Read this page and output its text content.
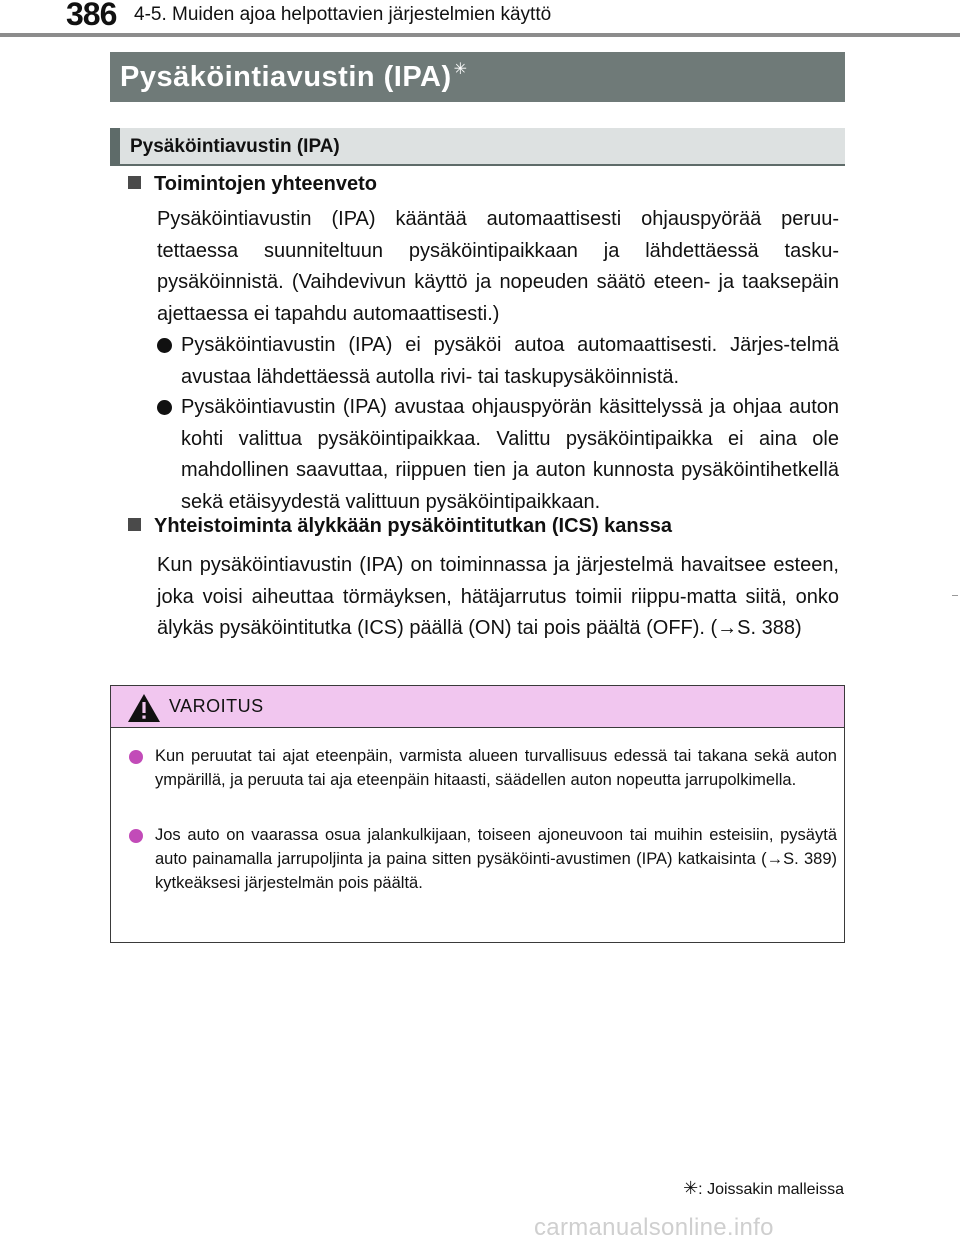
386 4-5. Muiden ajoa helpottavien järjestelmien käyttö
Pysäköintiavustin (IPA) ✳
Pysäköintiavustin (IPA)
Toimintojen yhteenveto
Pysäköintiavustin (IPA) kääntää automaattisesti ohjauspyörää peruu-tettaessa suunniteltuun pysäköintipaikkaan ja lähdettäessä tasku-pysäköinnistä. (Vaihdevivun käyttö ja nopeuden säätö eteen- ja taaksepäin ajettaessa ei tapahdu automaattisesti.)
Pysäköintiavustin (IPA) ei pysäköi autoa automaattisesti. Järjes-telmä avustaa lähdettäessä autolla rivi- tai taskupysäköinnistä.
Pysäköintiavustin (IPA) avustaa ohjauspyörän käsittelyssä ja ohjaa auton kohti valittua pysäköintipaikkaa. Valittu pysäköintipaikka ei aina ole mahdollinen saavuttaa, riippuen tien ja auton kunnosta pysäköintihetkellä sekä etäisyydestä valittuun pysäköintipaikkaan.
Yhteistoiminta älykkään pysäköintitutkan (ICS) kanssa
Kun pysäköintiavustin (IPA) on toiminnassa ja järjestelmä havaitsee esteen, joka voisi aiheuttaa törmäyksen, hätäjarrutus toimii riippu-matta siitä, onko älykäs pysäköintitutka (ICS) päällä (ON) tai pois päältä (OFF). (→S. 388)
VAROITUS
Kun peruutat tai ajat eteenpäin, varmista alueen turvallisuus edessä tai takana sekä auton ympärillä, ja peruuta tai aja eteenpäin hitaasti, säädellen auton nopeutta jarrupolkimella.
Jos auto on vaarassa osua jalankulkijaan, toiseen ajoneuvoon tai muihin esteisiin, pysäytä auto painamalla jarrupoljinta ja paina sitten pysäköinti-avustimen (IPA) katkaisinta (→S. 389) kytkeäksesi järjestelmän pois päältä.
✳: Joissakin malleissa
carmanualsonline.info
